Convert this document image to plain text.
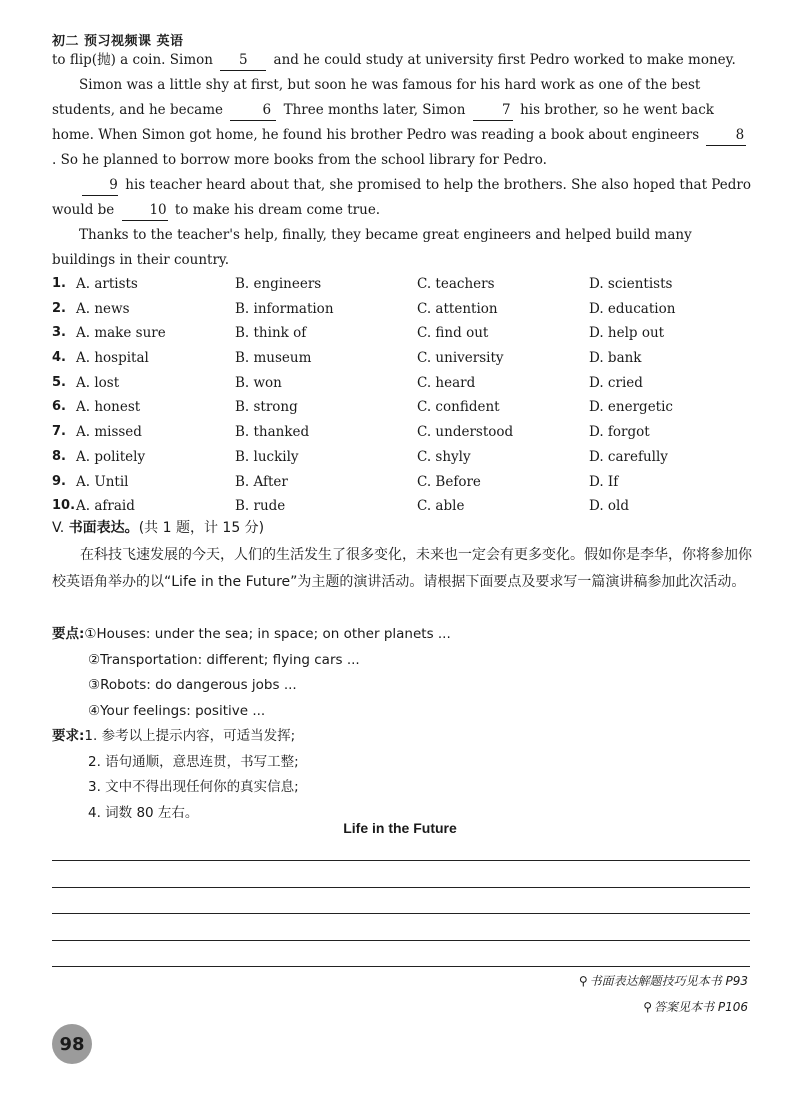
初二 预习视频课 英语

to flip(抛) a coin. Simon 5 and he could study at university first Pedro worked to make money.

Simon was a little shy at first, but soon he was famous for his hard work as one of the best students, and he became	6 Three months later, Simon	7 his brother, so he went back home. When Simon got home, he found his brother Pedro was reading a book about engineers	8. So he planned to borrow more books from the school library for Pedro.

9 his teacher heard about that, she promised to help the brothers. She also hoped that Pedro would be	10 to make his dream come true.

Thanks to the teacher's help, finally, they became great engineers and helped build many buildings in their country.

1. A. artists	B. engineers	C. teachers	D. scientists
2. A. news	B. information	C. attention	D. education
3. A. make sure	B. think of	C. find out	D. help out
4. A. hospital	B. museum	C. university	D. bank
5. A. lost	B. won	C. heard	D. cried
6. A. honest	B. strong	C. confident	D. energetic
7. A. missed	B. thanked	C. understood	D. forgot
8. A. politely	B. luckily	C. shyly	D. carefully
9. A. Until	B. After	C. Before	D. If
10. A. afraid	B. rude	C. able	D. old
V. 书面表达。(共 1 题，计 15 分)
在科技飞速发展的今天，人们的生活发生了很多变化，未来也一定会有更多变化。假如你是李华，你将参加你校英语角举办的以“Life in the Future”为主题的演讲活动。请根据下面要点及要求写一篇演讲稿参加此次活动。
要点:①Houses: under the sea; in space; on other planets ...
②Transportation: different; flying cars ...
③Robots: do dangerous jobs ...
④Your feelings: positive ...
要求:1. 参考以上提示内容，可适当发挥;
2. 语句通顺，意思连贯，书写工整;
3. 文中不得出现任何你的真实信息;
4. 词数 80 左右。
Life in the Future
⚲ 书面表达解题技巧见本书 P93
⚲ 答案见本书 P106
98
